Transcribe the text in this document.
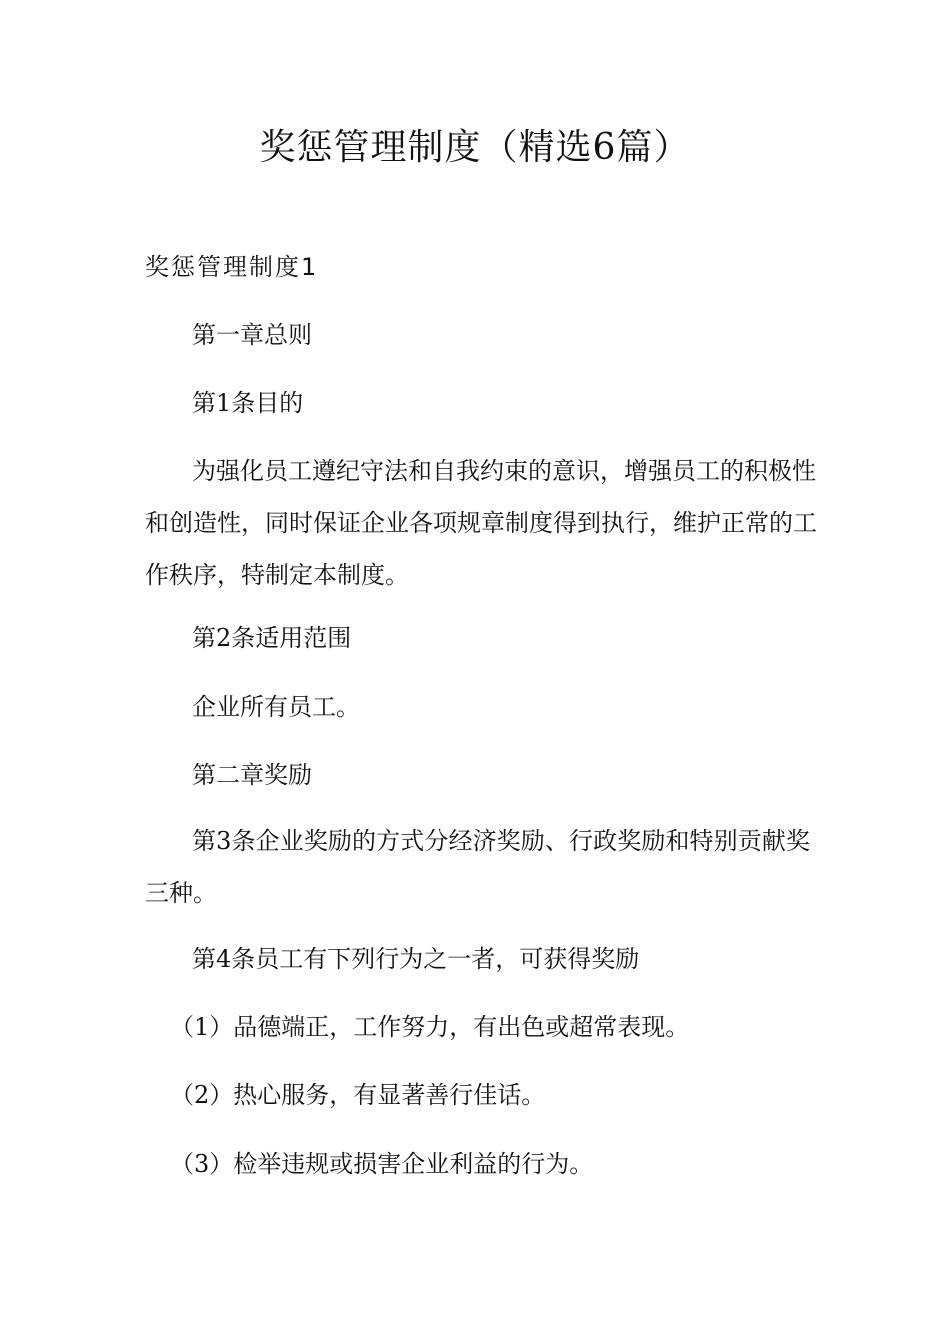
奖惩管理制度（精选6篇）
奖惩管理制度1

第一章总则

第1条目的

为强化员工遵纪守法和自我约束的意识，增强员工的积极性

和创造性，同时保证企业各项规章制度得到执行，维护正常的工

作秩序，特制定本制度。

第2条适用范围

企业所有员工。

第二章奖励

第3条企业奖励的方式分经济奖励、行政奖励和特别贡献奖

三种。

第4条员工有下列行为之一者，可获得奖励

（1）品德端正，工作努力，有出色或超常表现。

（2）热心服务，有显著善行佳话。

（3）检举违规或损害企业利益的行为。
